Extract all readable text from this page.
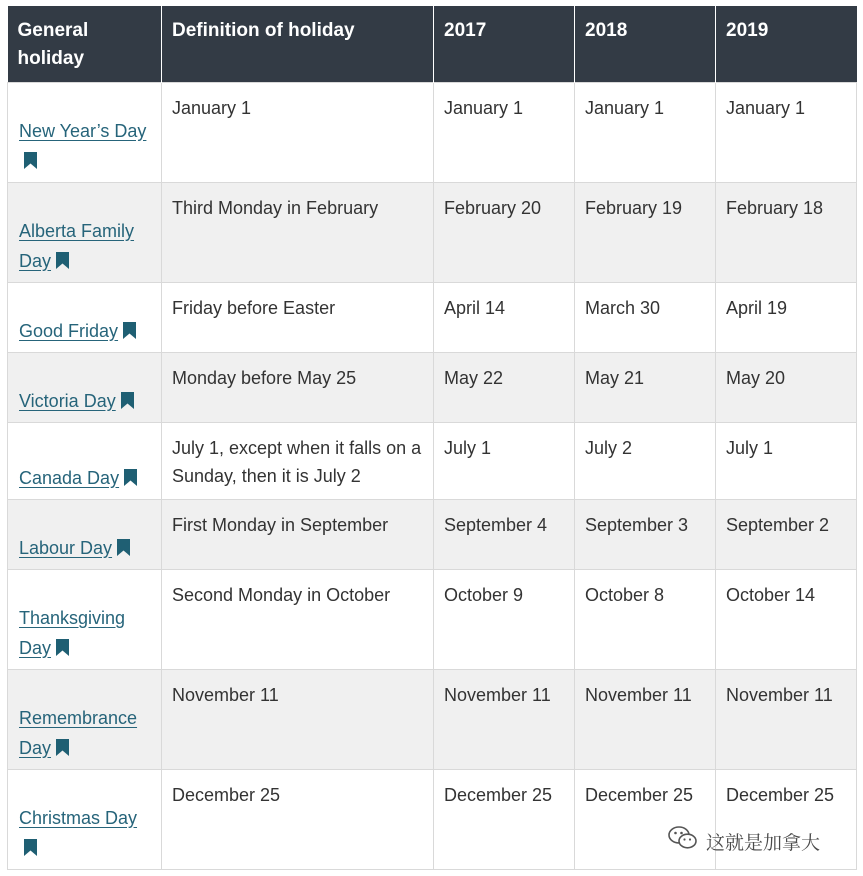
General holiday	Definition of holiday	2017	2018	2019
New Year’s Day	January 1	January 1	January 1	January 1
Alberta Family Day	Third Monday in February	February 20	February 19	February 18
Good Friday	Friday before Easter	April 14	March 30	April 19
Victoria Day	Monday before May 25	May 22	May 21	May 20
Canada Day	July 1, except when it falls on a Sunday, then it is July 2	July 1	July 2	July 1
Labour Day	First Monday in September	September 4	September 3	September 2
Thanksgiving Day	Second Monday in October	October 9	October 8	October 14
Remembrance Day	November 11	November 11	November 11	November 11
Christmas Day	December 25	December 25	December 25	December 25
这就是加拿大
